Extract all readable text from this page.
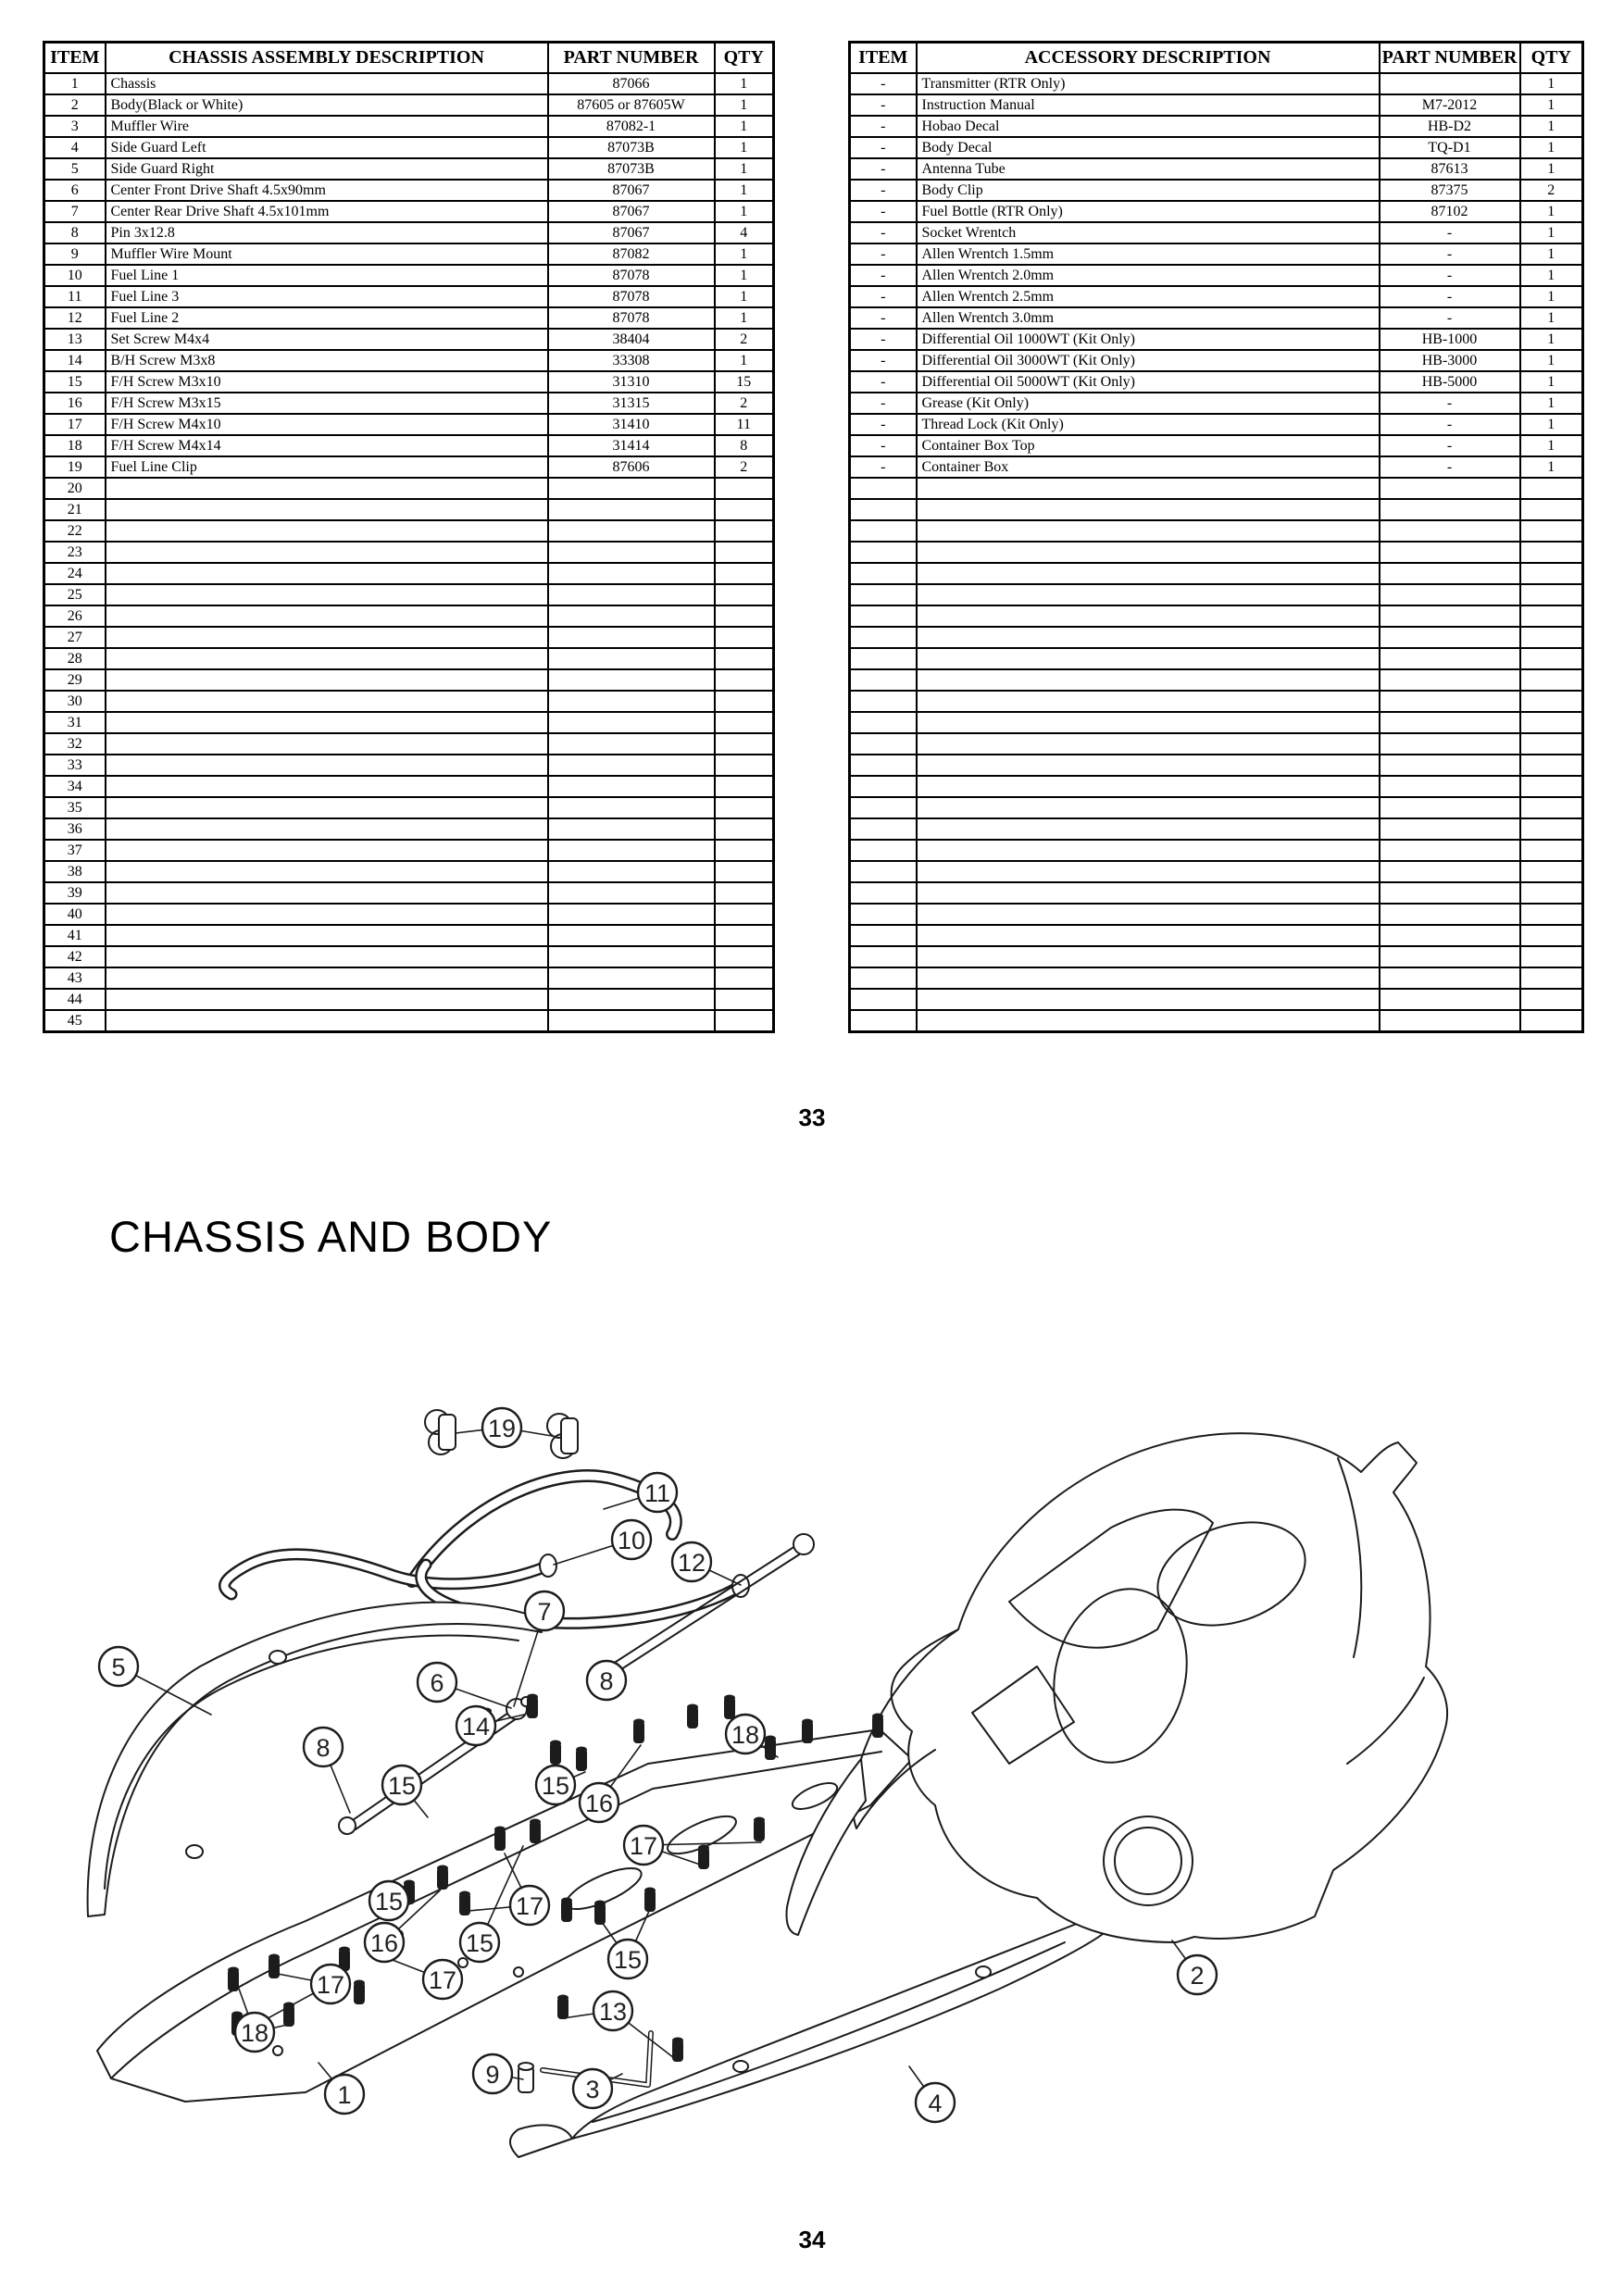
ITEM	CHASSIS ASSEMBLY DESCRIPTION	PART NUMBER	QTY
1	Chassis	87066	1
2	Body(Black or White)	87605 or 87605W	1
3	Muffler Wire	87082-1	1
4	Side Guard Left	87073B	1
5	Side Guard Right	87073B	1
6	Center Front Drive Shaft 4.5x90mm	87067	1
7	Center Rear Drive Shaft 4.5x101mm	87067	1
8	Pin 3x12.8	87067	4
9	Muffler Wire Mount	87082	1
10	Fuel Line 1	87078	1
11	Fuel Line 3	87078	1
12	Fuel Line 2	87078	1
13	Set Screw M4x4	38404	2
14	B/H Screw M3x8	33308	1
15	F/H Screw M3x10	31310	15
16	F/H Screw M3x15	31315	2
17	F/H Screw M4x10	31410	11
18	F/H Screw M4x14	31414	8
19	Fuel Line Clip	87606	2
20			
21			
22			
23			
24			
25			
26			
27			
28			
29			
30			
31			
32			
33			
34			
35			
36			
37			
38			
39			
40			
41			
42			
43			
44			
45			
ITEM	ACCESSORY DESCRIPTION	PART NUMBER	QTY
-	Transmitter (RTR Only)		1
-	Instruction Manual	M7-2012	1
-	Hobao Decal	HB-D2	1
-	Body Decal	TQ-D1	1
-	Antenna Tube	87613	1
-	Body Clip	87375	2
-	Fuel Bottle (RTR Only)	87102	1
-	Socket Wrentch	-	1
-	Allen Wrentch 1.5mm	-	1
-	Allen Wrentch 2.0mm	-	1
-	Allen Wrentch 2.5mm	-	1
-	Allen Wrentch 3.0mm	-	1
-	Differential Oil 1000WT (Kit Only)	HB-1000	1
-	Differential Oil 3000WT (Kit Only)	HB-3000	1
-	Differential Oil 5000WT (Kit Only)	HB-5000	1
-	Grease (Kit Only)	-	1
-	Thread Lock (Kit Only)	-	1
-	Container Box Top	-	1
-	Container Box	-	1

33
CHASSIS AND BODY
19
11
10
12
7
8
5
6
14
8	18
15	15
16
17
15	17
16	15
15
17	17
13
18
9
3
1	4
2
34
